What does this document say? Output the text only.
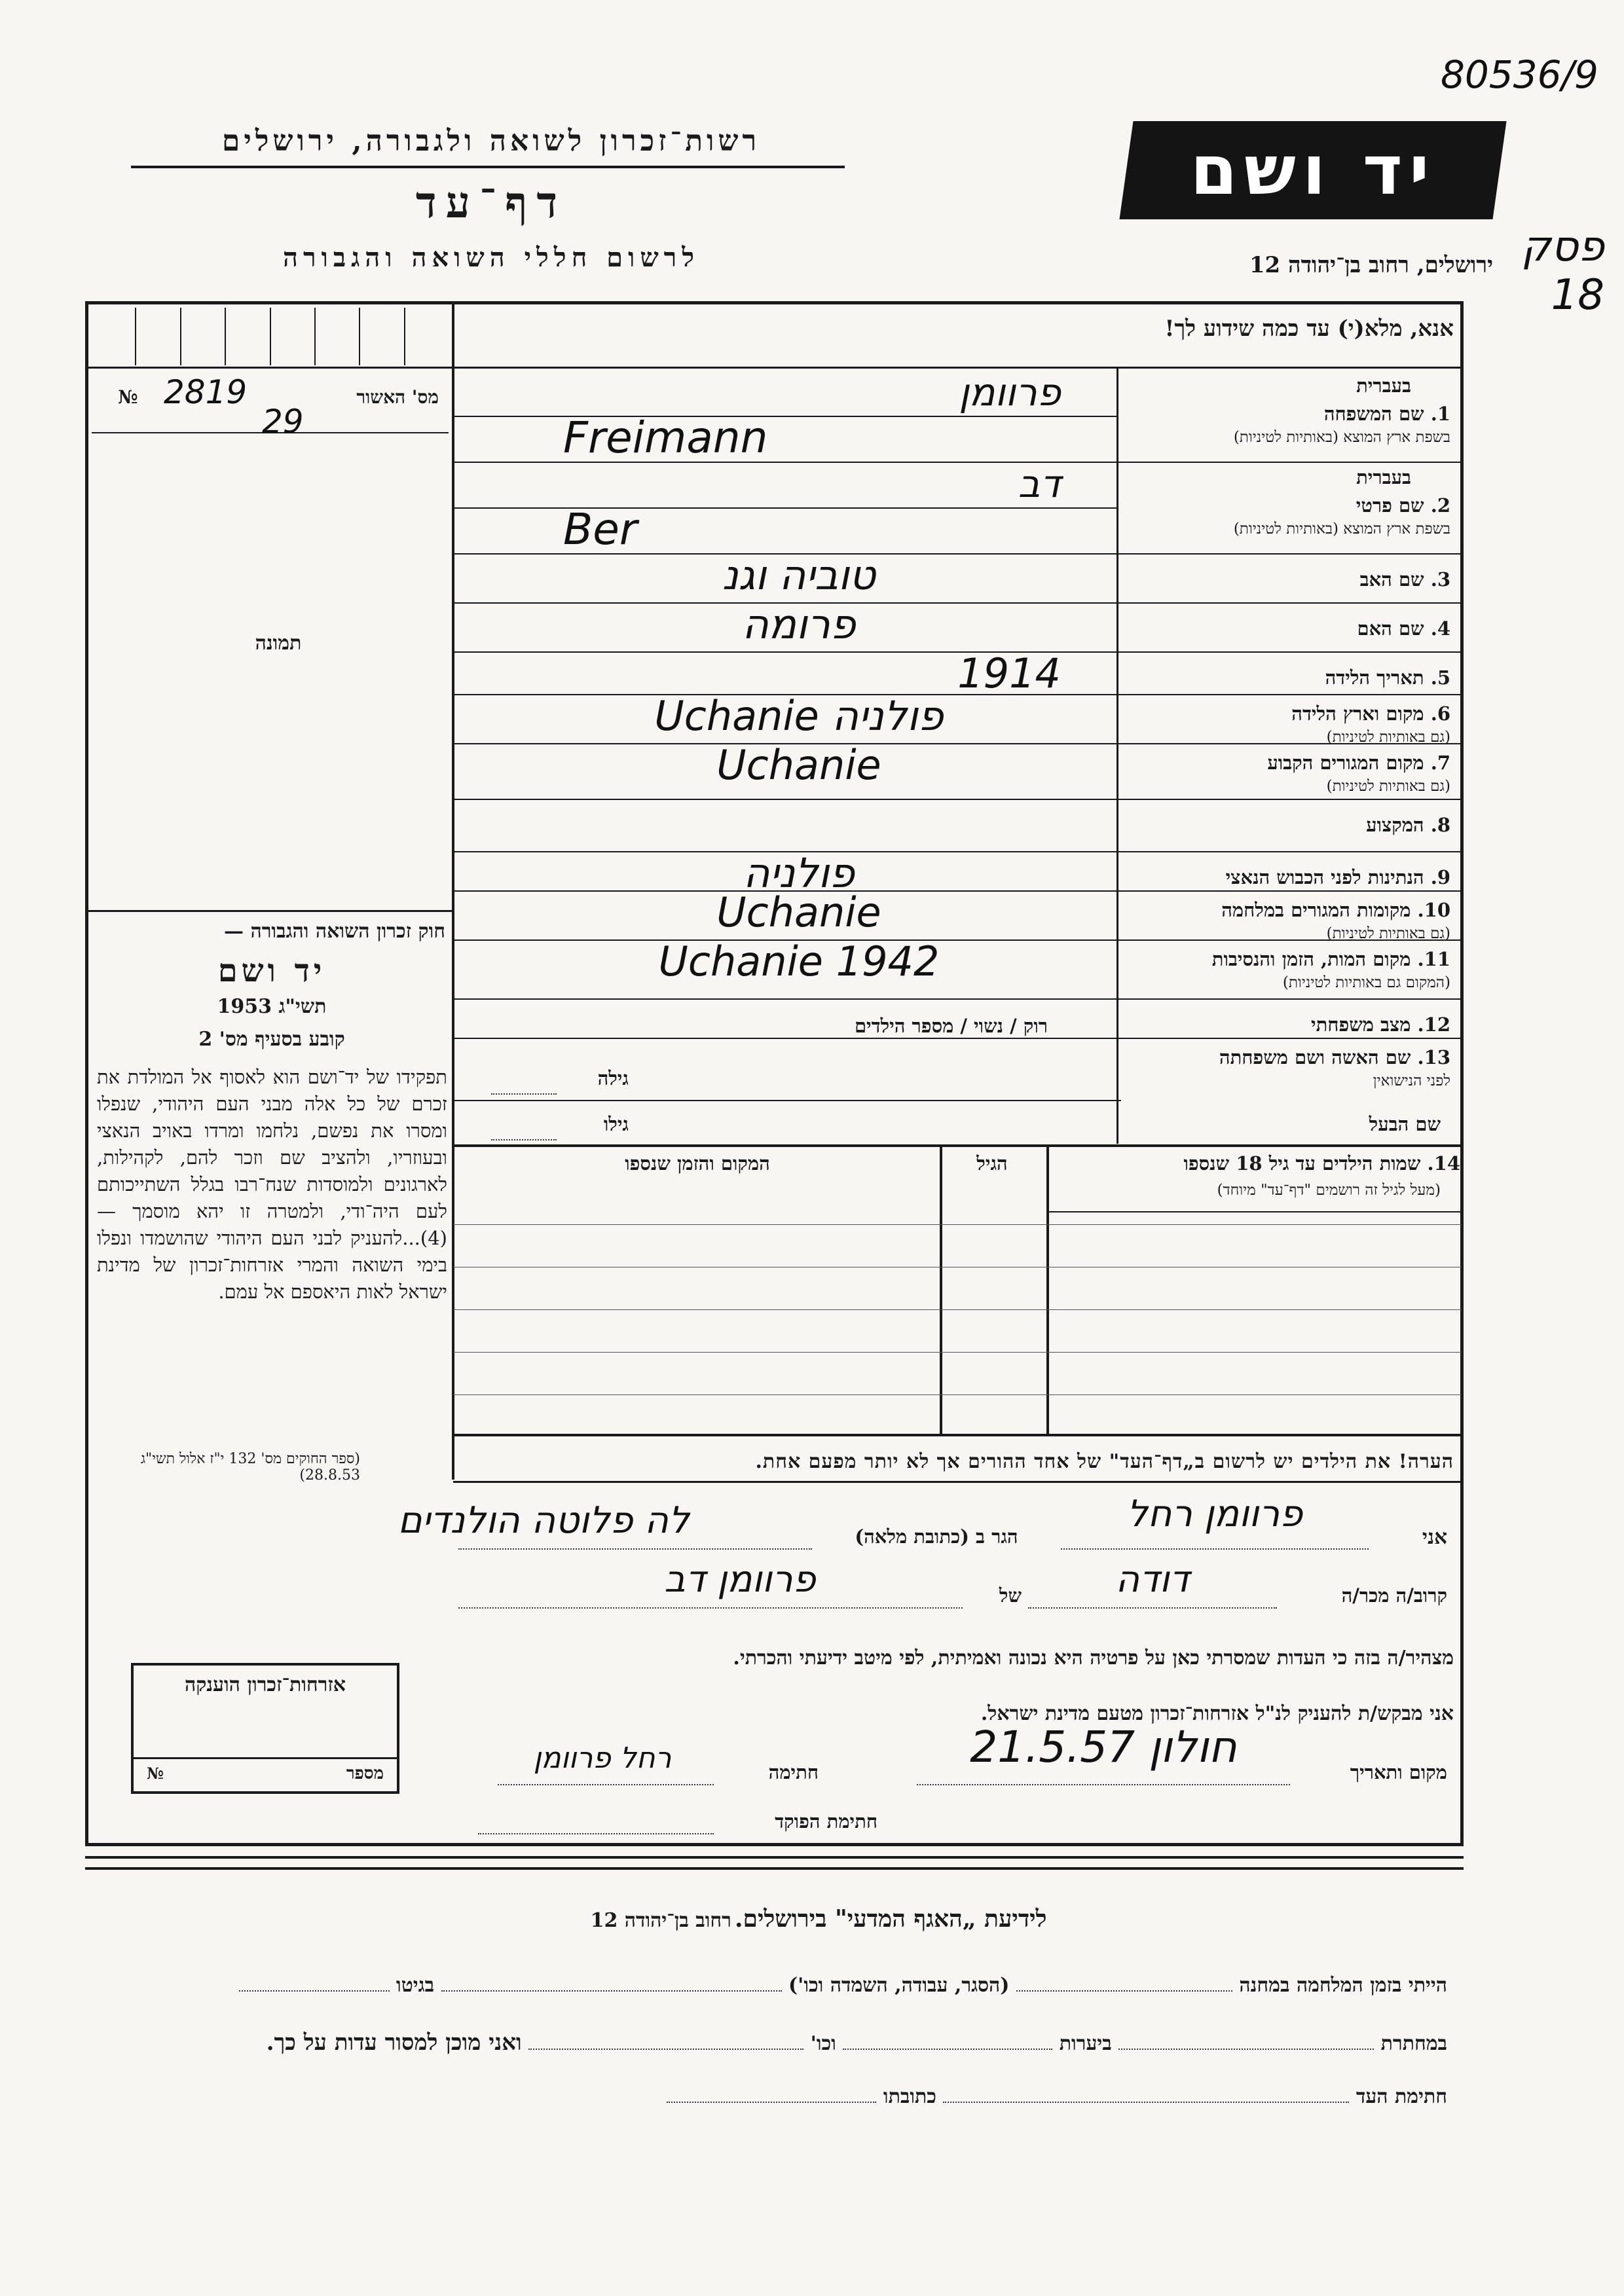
80536/9
פסק 18
רשות־זכרון לשואה ולגבורה, ירושלים
דף־עד
לרשום חללי השואה והגבורה
יד ושם
ירושלים, רחוב בן־יהודה 12
אנא, מלא(י) עד כמה שידוע לך!
№ 2819
29
מס' האשור
תמונה
1. שם המשפחה
בעברית
בשפת ארץ המוצא (באותיות לטיניות)
פרוומן
Freimann
2. שם פרטי
בעברית
בשפת ארץ המוצא (באותיות לטיניות)
דב
Ber
3. שם האב
טוביה וגנ
4. שם האם
פרומה
5. תאריך הלידה
1914
6. מקום וארץ הלידה
(גם באותיות לטיניות)
Uchanie פולניה
7. מקום המגורים הקבוע
(גם באותיות לטיניות)
Uchanie
8. המקצוע
9. הנתינות לפני הכבוש הנאצי
פולניה
10. מקומות המגורים במלחמה
(גם באותיות לטיניות)
Uchanie
11. מקום המות, הזמן והנסיבות
(המקום גם באותיות לטיניות)
Uchanie 1942
12. מצב משפחתי
13. שם האשה ושם משפחתה
לפני הנישואין
רוק / נשוי / מספר הילדים
גילה
שם הבעל
גילו
14. שמות הילדים עד גיל 18 שנספו
(מעל לגיל זה רושמים "דף־עד" מיוחד)
הגיל
המקום והזמן שנספו
הערה! את הילדים יש לרשום ב„דף־העד" של אחד ההורים אך לא יותר מפעם אחת.
חוק זכרון השואה והגבורה —
יד ושם
1953 תשי"ג
קובע בסעיף מס' 2
תפקידו של יד־ושם הוא לאסוף אל המולדת את זכרם של כל אלה מבני העם היהודי, שנפלו ומסרו את נפשם, נלחמו ומרדו באויב הנאצי ובעוזריו, ולהציב שם וזכר להם, לקהילות, לארגונים ולמוסדות שנח־רבו בגלל השתייכותם לעם היה־ודי, ולמטרה זו יהא מוסמך — (4)...להעניק לבני העם היהודי שהושמדו ונפלו בימי השואה והמרי אזרחות־זכרון של מדינת ישראל לאות היאספם אל עמם.
(ספר החוקים מס' 132 י"ז אלול תשי"ג 28.8.53)
אני
פרוומן רחל
הגר ב (כתובת מלאה)
לה פלוטה הולנדים
קרוב/ה מכר/ה
דודה
של
פרוומן דב
מצהיר/ה בזה כי העדות שמסרתי כאן על פרטיה היא נכונה ואמיתית, לפי מיטב ידיעתי והכרתי.
אני מבקש/ת להעניק לנ"ל אזרחות־זכרון מטעם מדינת ישראל.
מקום ותאריך
חולון 21.5.57
חתימה
רחל פרוומן
חתימת הפוקד
אזרחות־זכרון הוענקה
מספר
№
לידיעת „האגף המדעי" בירושלים. רחוב בן־יהודה 12
הייתי בזמן המלחמה במחנה  (הסגר, עבודה, השמדה וכו')  בגיטו
במחתרת  ביערות  וכו'  ואני מוכן למסור עדות על כך.
חתימת העד  כתובתו
